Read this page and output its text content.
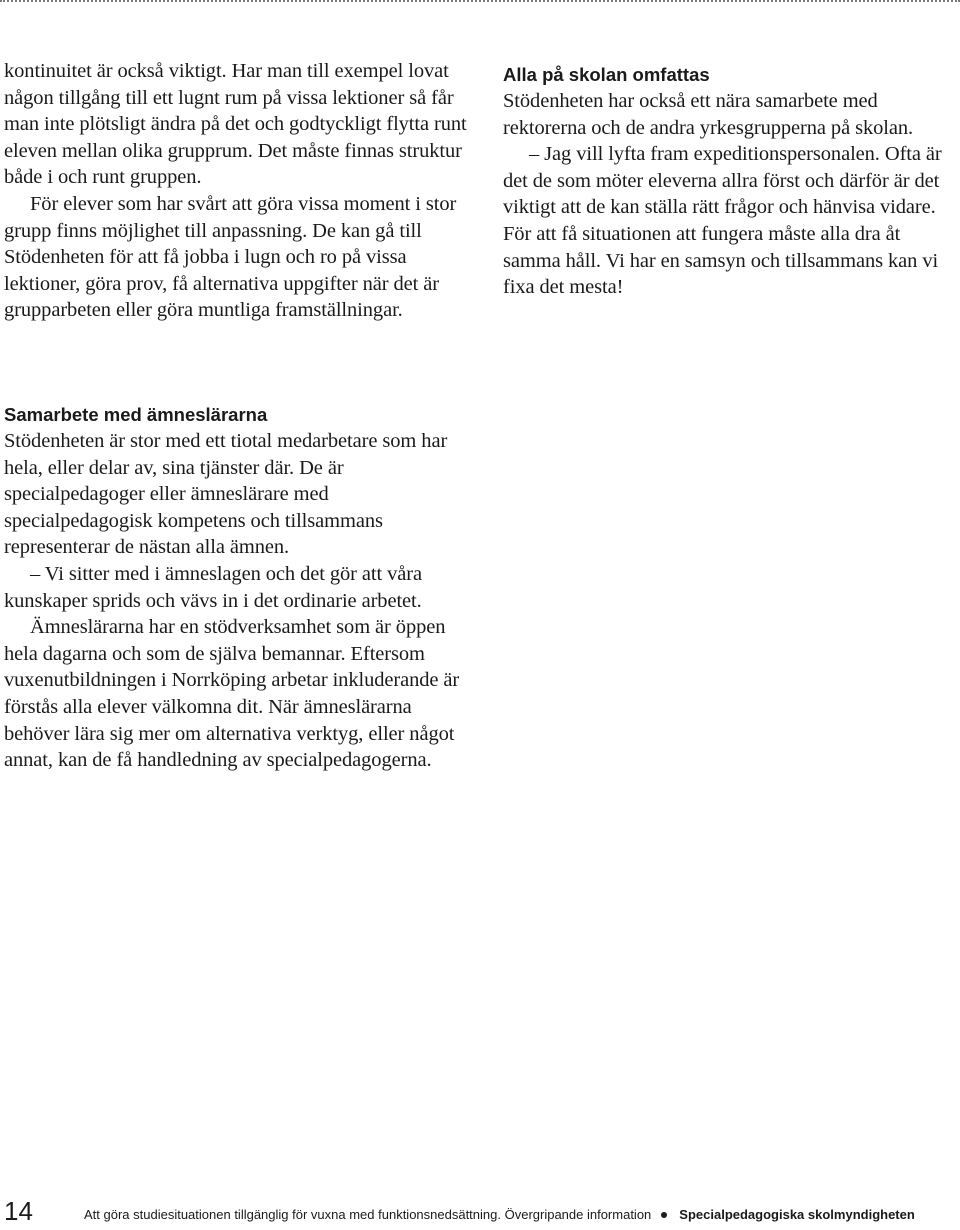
kontinuitet är också viktigt. Har man till exempel lovat någon tillgång till ett lugnt rum på vissa lektioner så får man inte plötsligt ändra på det och godtyckligt flytta runt eleven mellan olika grupprum. Det måste finnas struktur både i och runt gruppen.

För elever som har svårt att göra vissa moment i stor grupp finns möjlighet till anpassning. De kan gå till Stödenheten för att få jobba i lugn och ro på vissa lektioner, göra prov, få alternativa uppgifter när det är grupparbeten eller göra muntliga framställningar.

Samarbete med ämneslärarna

Stödenheten är stor med ett tiotal medarbetare som har hela, eller delar av, sina tjänster där. De är specialpedagoger eller ämneslärare med specialpedagogisk kompetens och tillsammans representerar de nästan alla ämnen.

– Vi sitter med i ämneslagen och det gör att våra kunskaper sprids och vävs in i det ordinarie arbetet.

Ämneslärarna har en stödverksamhet som är öppen hela dagarna och som de själva bemannar. Eftersom vuxenutbildningen i Norrköping arbetar inkluderande är förstås alla elever välkomna dit. När ämneslärarna behöver lära sig mer om alternativa verktyg, eller något annat, kan de få handledning av specialpedagogerna.

Alla på skolan omfattas

Stödenheten har också ett nära samarbete med rektorerna och de andra yrkesgrupperna på skolan.

– Jag vill lyfta fram expeditionspersonalen. Ofta är det de som möter eleverna allra först och därför är det viktigt att de kan ställa rätt frågor och hänvisa vidare. För att få situationen att fungera måste alla dra åt samma håll. Vi har en samsyn och tillsammans kan vi fixa det mesta!

14	Att göra studiesituationen tillgänglig för vuxna med funktionsnedsättning. Övergripande information Specialpedagogiska skolmyndigheten
